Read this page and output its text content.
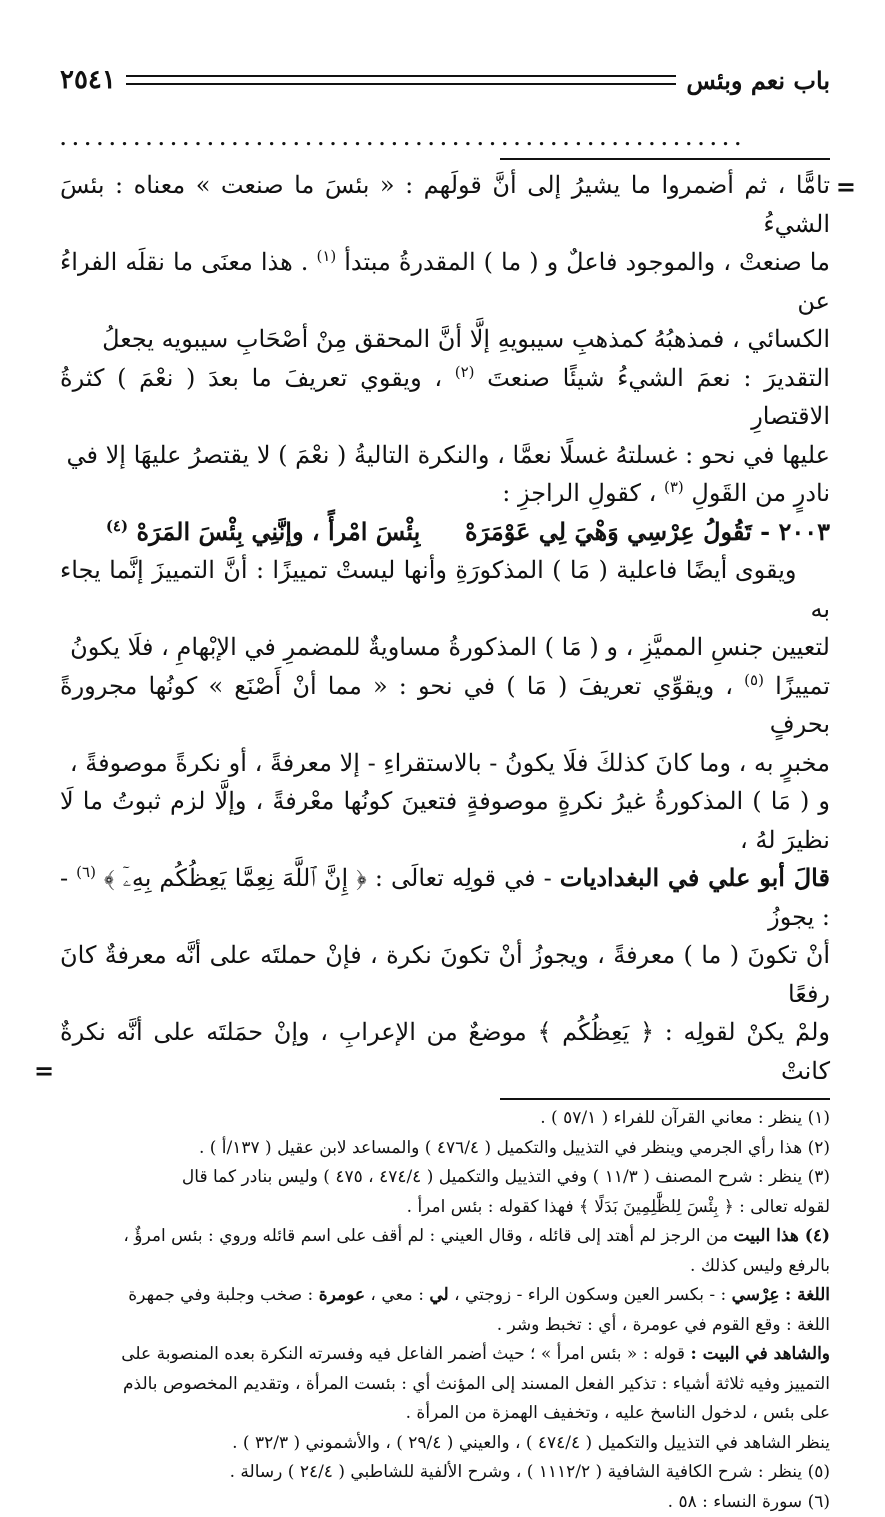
باب نعم وبئس
٢٥٤١
........................................................
=

تامًّا ، ثم أضمروا ما يشيرُ إلى أنَّ قولَهم : « بئسَ ما صنعت » معناه : بئسَ الشيءُ

ما صنعتْ ، والموجود فاعلٌ و ( ما ) المقدرةُ مبتدأ $^{(١)}$ . هذا معنَى ما نقلَه الفراءُ عن

الكسائي ، فمذهبُهُ كمذهبِ سيبويهِ إلَّا أنَّ المحقق مِنْ أصْحَابِ سيبويه يجعلُ

التقديرَ : نعمَ الشيءُ شيئًا صنعتَ $^{(٢)}$ ، ويقوي تعريفَ ما بعدَ ( نعْمَ ) كثرةُ الاقتصارِ

عليها في نحو : غسلتهُ غسلًا نعمَّا ، والنكرة التاليةُ ( نعْمَ ) لا يقتصرُ عليهَا إلا في

نادرٍ من القَولِ $^{(٣)}$ ، كقولِ الراجزِ :

٢٠٠٣ - تَقُولُ عِرْسِي وَهْيَ لِي عَوْمَرَهْ  بِئْسَ امْرأً ، وإنَّنِي بِئْسَ المَرَهْ $^{(٤)}$

ويقوى أيضًا فاعلية ( مَا ) المذكورَةِ وأنها ليستْ تمييزًا : أنَّ التمييزَ إنَّما يجاء به

لتعيين جنسِ المميَّزِ ، و ( مَا ) المذكورةُ مساويةٌ للمضمرِ في الإبْهامِ ، فلَا يكونُ

تمييزًا $^{(٥)}$ ، ويقوِّي تعريفَ ( مَا ) في نحو : « مما أنْ أَصْنَع » كونُها مجرورةً بحرفٍ

مخبرٍ به ، وما كانَ كذلكَ فلَا يكونُ - بالاستقراءِ - إلا معرفةً ، أو نكرةً موصوفةً ،

و ( مَا ) المذكورةُ غيرُ نكرةٍ موصوفةٍ فتعينَ كونُها معْرفةً ، وإلَّا لزم ثبوتُ ما لَا نظيرَ لهُ ،

قالَ أبو علي في البغداديات - في قولِه تعالَى : ﴿ إِنَّ ٱللَّهَ نِعِمَّا يَعِظُكُم بِهِۦٓ ﴾ $^{(٦)}$ - : يجوزُ

أنْ تكونَ ( ما ) معرفةً ، ويجوزُ أنْ تكونَ نكرة ، فإنْ حملتَه على أنَّه معرفةٌ كانَ رفعًا

ولمْ يكنْ لقولِه : ﴿ يَعِظُكُم ﴾ موضعٌ من الإعرابِ ، وإنْ حمَلتَه على أنَّه نكرةٌ كانتْ

=

(١) ينظر : معاني القرآن للفراء ( ٥٧/١ ) .

(٢) هذا رأي الجرمي وينظر في التذييل والتكميل ( ٤٧٦/٤ ) والمساعد لابن عقيل ( ١٣٧/أ ) .

(٣) ينظر : شرح المصنف ( ١١/٣ ) وفي التذييل والتكميل ( ٤٧٤/٤ ، ٤٧٥ ) وليس بنادر كما قال

لقوله تعالى : ﴿ بِئْسَ لِلظَّٰلِمِينَ بَدَلًا ﴾ فهذا كقوله : بئس امرأ .

(٤) هذا البيت من الرجز لم أهتد إلى قائله ، وقال العيني : لم أقف على اسم قائله وروي : بئس امرؤٌ ،

بالرفع وليس كذلك .

اللغة : عِرْسي : - بكسر العين وسكون الراء - زوجتي ، لي : معي ، عومرة : صخب وجلبة وفي جمهرة

اللغة : وقع القوم في عومرة ، أي : تخبط وشر .

والشاهد في البيت : قوله : « بئس امرأ » ؛ حيث أضمر الفاعل فيه وفسرته النكرة بعده المنصوبة على

التمييز وفيه ثلاثة أشياء : تذكير الفعل المسند إلى المؤنث أي : بئست المرأة ، وتقديم المخصوص بالذم

على بئس ، لدخول الناسخ عليه ، وتخفيف الهمزة من المرأة .

ينظر الشاهد في التذييل والتكميل ( ٤٧٤/٤ ) ، والعيني ( ٢٩/٤ ) ، والأشموني ( ٣٢/٣ ) .

(٥) ينظر : شرح الكافية الشافية ( ١١١٢/٢ ) ، وشرح الألفية للشاطبي ( ٢٤/٤ ) رسالة .

(٦) سورة النساء : ٥٨ .
